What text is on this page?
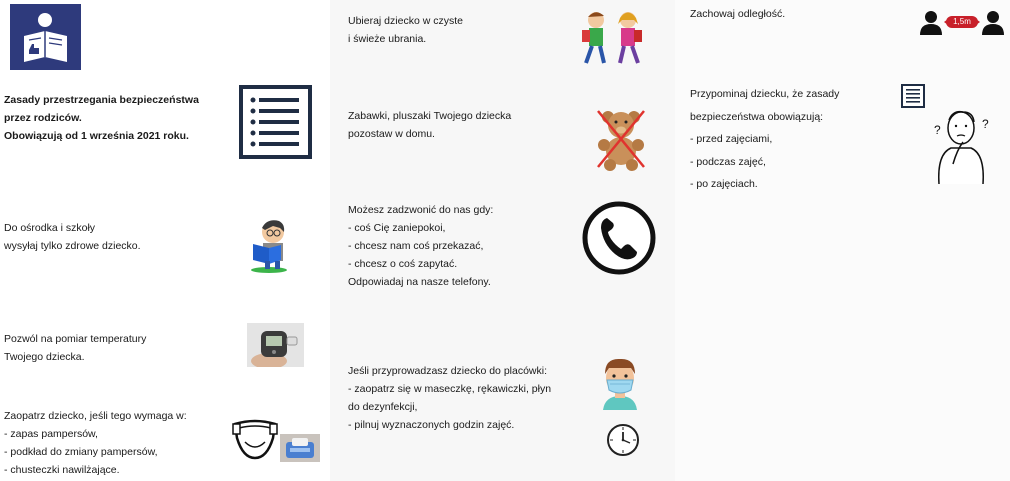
Zasady przestrzegania bezpieczeństwa
przez rodziców.
Obowiązują od 1 września 2021 roku.
Do ośrodka i szkoły
wysyłaj tylko zdrowe dziecko.
Pozwól na pomiar temperatury
Twojego dziecka.
Zaopatrz dziecko, jeśli tego wymaga w:
- zapas pampersów,
- podkład do zmiany pampersów,
- chusteczki nawilżające.
Ubieraj dziecko w czyste
i świeże ubrania.
Zabawki, pluszaki Twojego dziecka
pozostaw w domu.
Możesz zadzwonić do nas gdy:
- coś Cię zaniepokoi,
- chcesz nam coś przekazać,
- chcesz o coś zapytać.
Odpowiadaj na nasze telefony.
Jeśli przyprowadzasz dziecko do placówki:
- zaopatrz się w maseczkę, rękawiczki, płyn
do dezynfekcji,
- pilnuj wyznaczonych godzin zajęć.
Zachowaj odległość.
1,5m
Przypominaj dziecku, że zasady
bezpieczeństwa obowiązują:
- przed zajęciami,
- podczas zajęć,
- po zajęciach.
?	?
